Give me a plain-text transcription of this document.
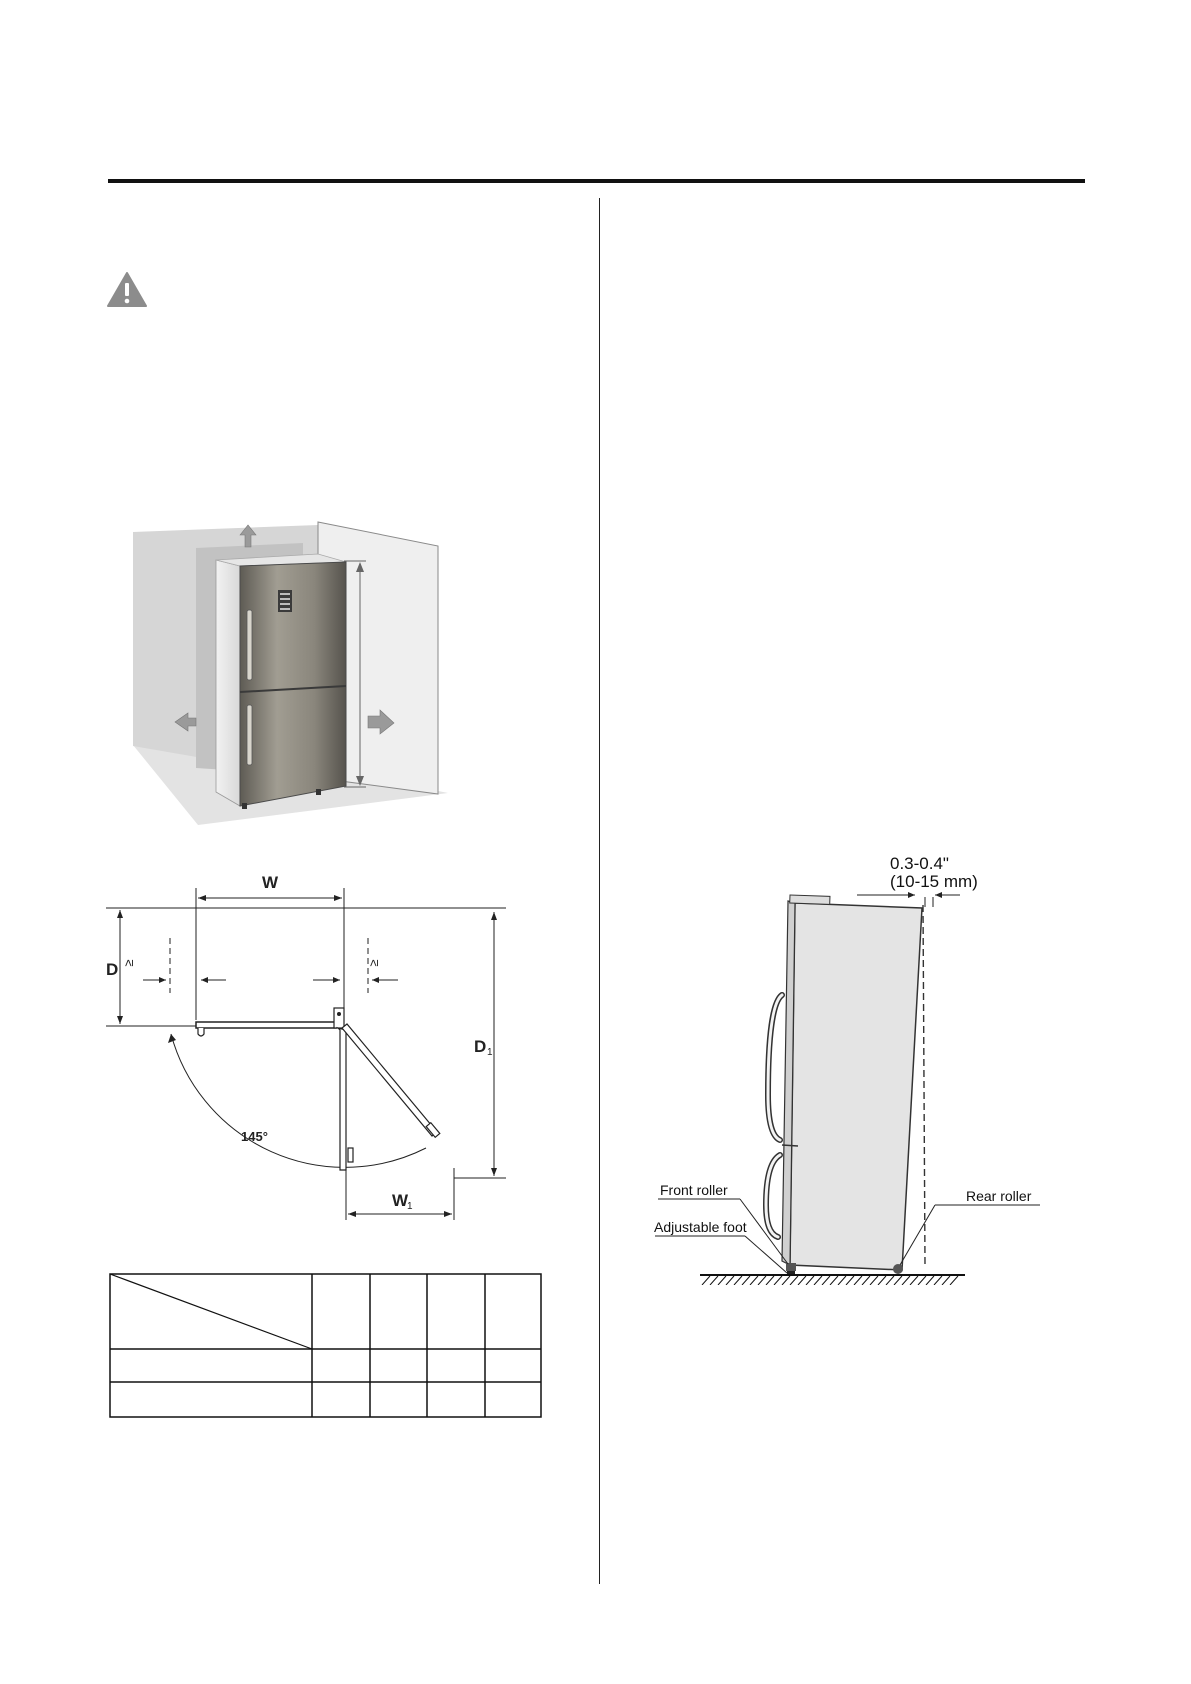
W
D
D 1
W
1
145°
≥	≥
0.3-0.4"
(10-15 mm)
Front roller
Adjustable foot
Rear roller
